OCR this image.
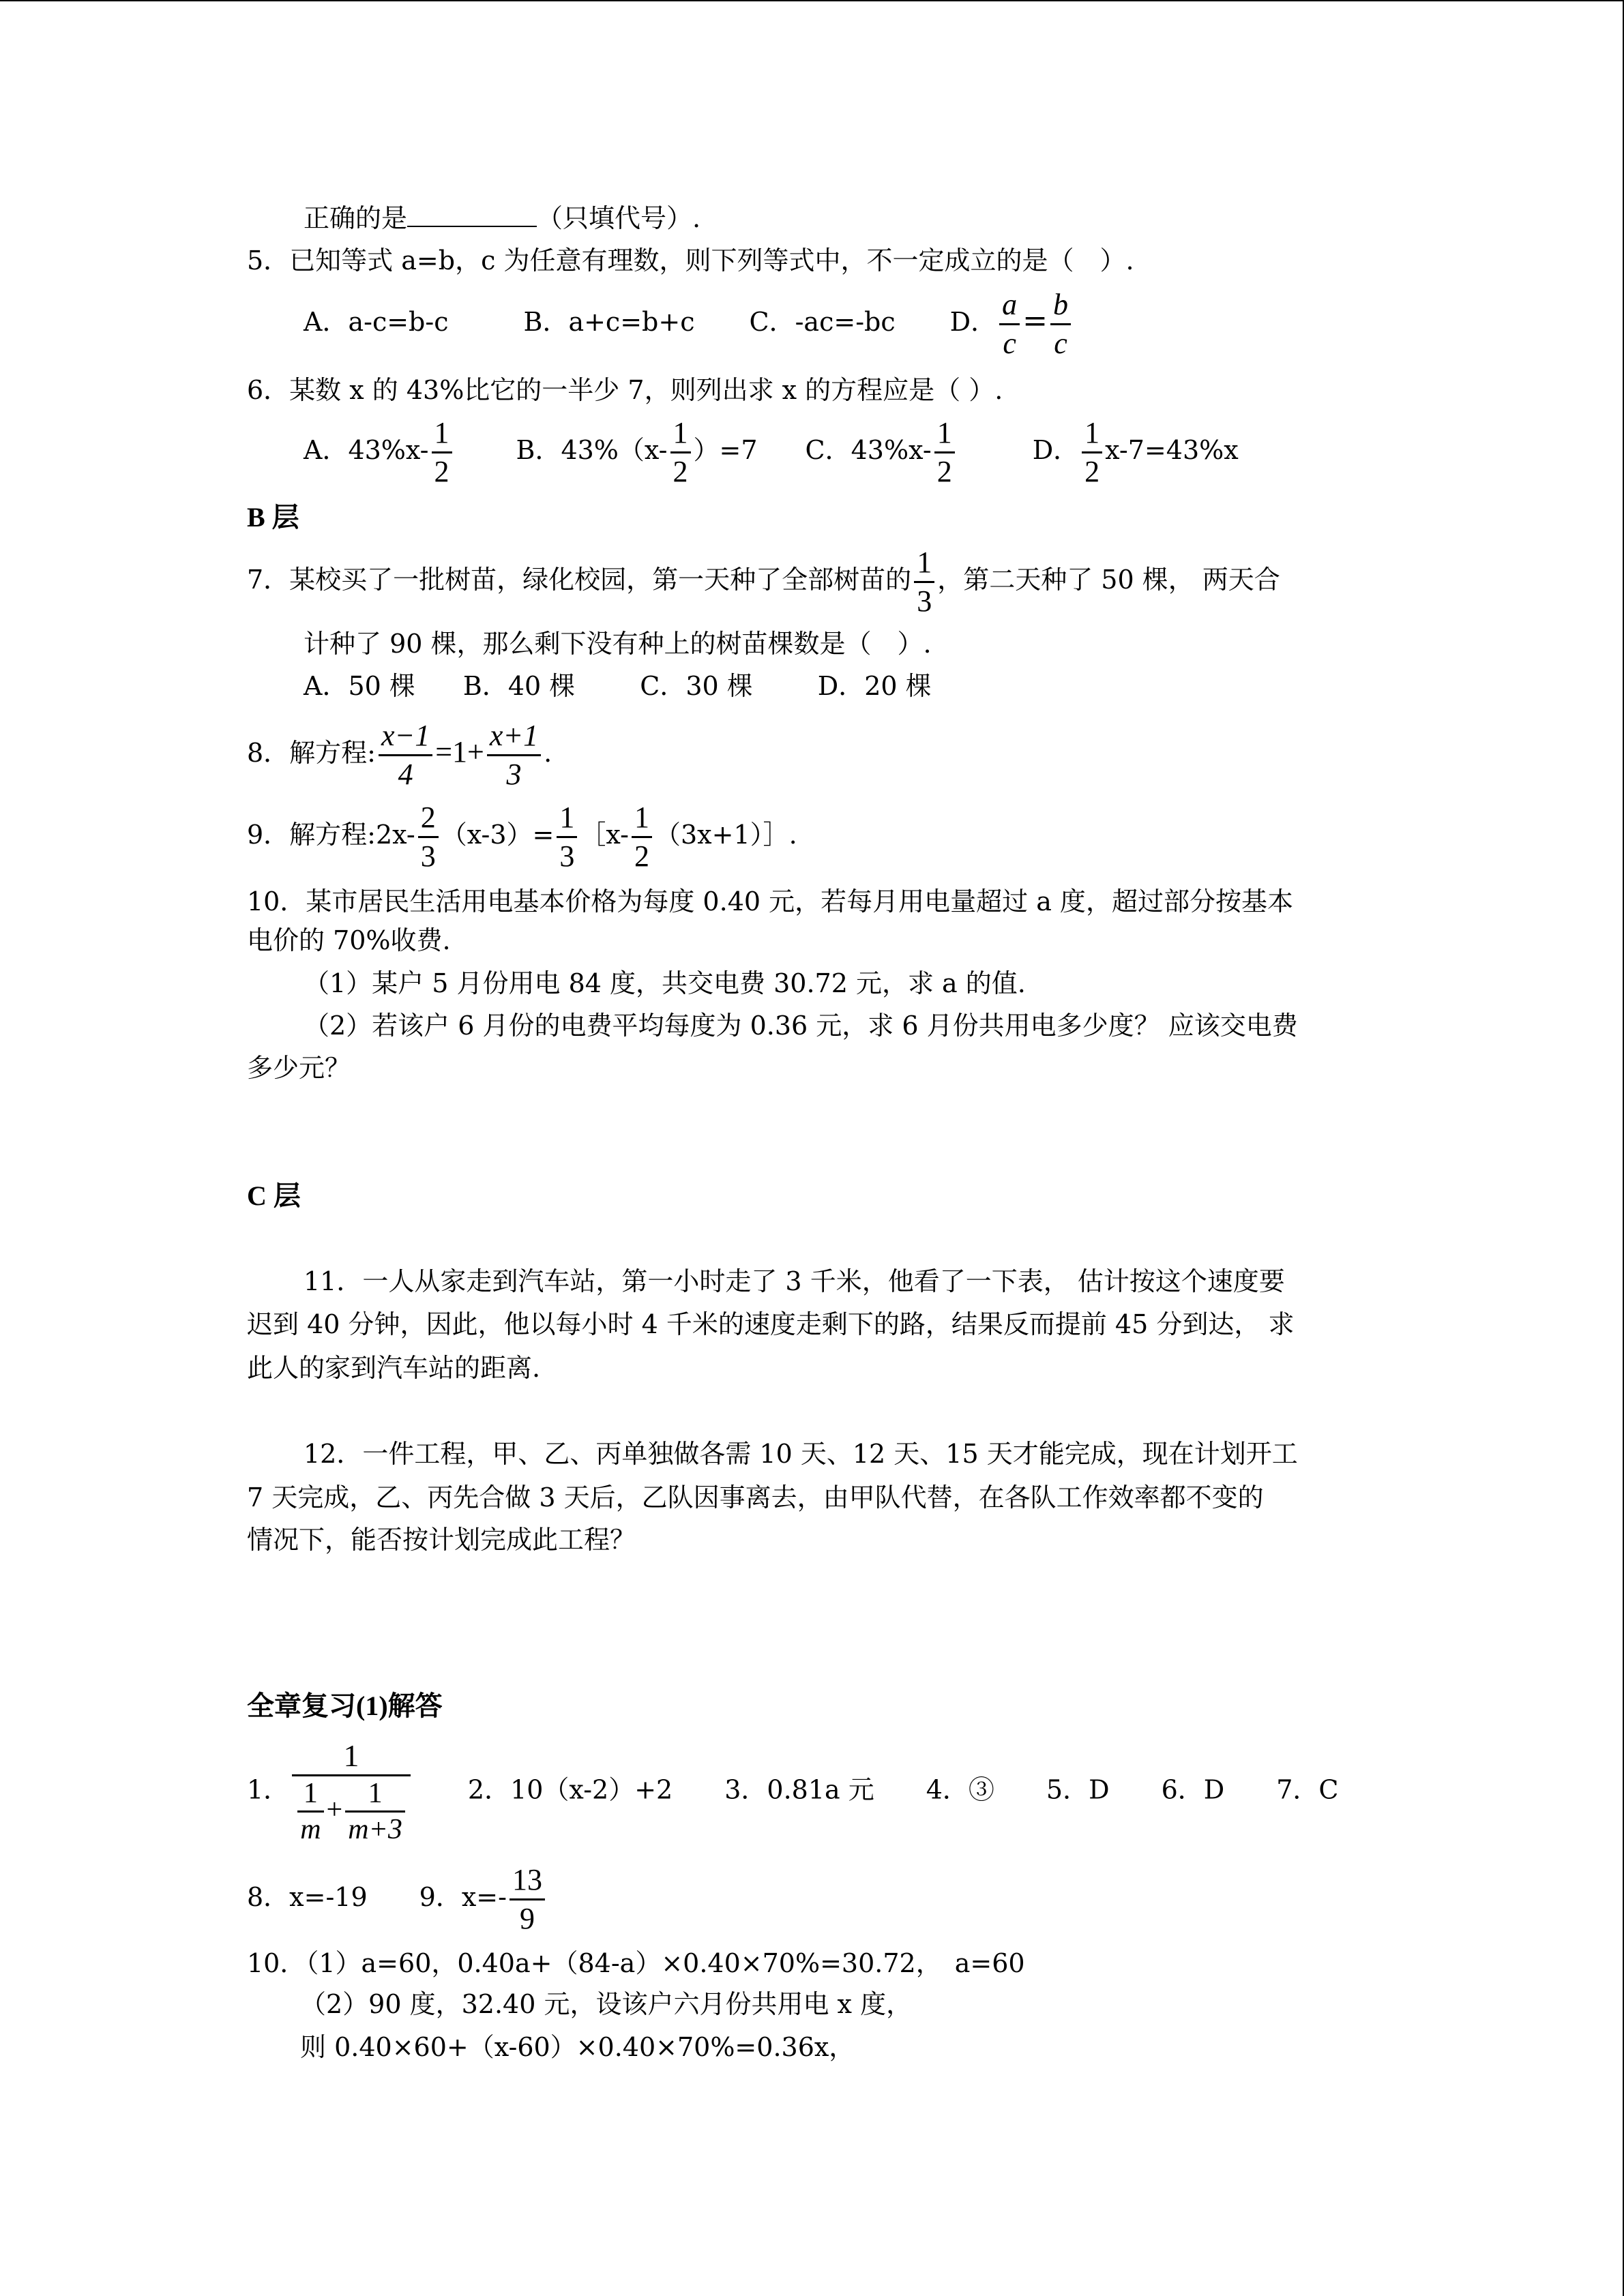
正确的是	（只填代号）.
5．已知等式 a=b，c 为任意有理数，则下列等式中，不一定成立的是（　）.
A．a-c=b-c	B．a+c=b+c C．-ac=-bc D． $\frac{a}{c} = \frac{b}{c}$
6．某数 x 的 43%比它的一半少 7，则列出求 x 的方程应是（ ）.
A．$43\%x- \frac{1}{2}$ B．$43\%(x- \frac{1}{2} )=7$ C．$43\%x- \frac{1}{2}$	D． $\frac{1}{2} x-7=43\%x$
B 层
7．某校买了一批树苗，绿化校园，第一天种了全部树苗的 $\frac{1}{3}$ ，第二天种了 50 棵， 两天合
计种了 90 棵，那么剩下没有种上的树苗棵数是（　）.
A．50 棵 B．40 棵	C．30 棵	D．20 棵
8．解方程: $\frac{x-1}{4} =1+ \frac{x+1}{3}$ .
9．解方程:2x- $\frac{2}{3} (x-3)= \frac{1}{3}$ ［x- $\frac{1}{2}$ （3x+1）］.
10．某市居民生活用电基本价格为每度 0.40 元，若每月用电量超过 a 度，超过部分按基本
电价的 70%收费.
（1）某户 5 月份用电 84 度，共交电费 30.72 元，求 a 的值.
（2）若该户 6 月份的电费平均每度为 0.36 元，求 6 月份共用电多少度？ 应该交电费
多少元？
C 层
11．一人从家走到汽车站，第一小时走了 3 千米，他看了一下表， 估计按这个速度要
迟到 40 分钟，因此，他以每小时 4 千米的速度走剩下的路，结果反而提前 45 分到达， 求
此人的家到汽车站的距离.
12．一件工程，甲、乙、丙单独做各需 10 天、12 天、15 天才能完成，现在计划开工
7 天完成，乙、丙先合做 3 天后，乙队因事离去，由甲队代替，在各队工作效率都不变的
情况下，能否按计划完成此工程？
全章复习(1)解答
1． $\frac{1}{\frac{1}{m} + \frac{1}{m+3}} 2$．10（x-2）+2　　3．0.81a 元　　4．③　　5．D　　6．D　　7．C
8．x=-19　　9．$x=- \frac{13}{9}$
10．（1）a=60，0.40a+（84-a）×0.40×70%=30.72，　a=60
（2）90 度，32.40 元，设该户六月份共用电 x 度，
则 0.40×60+（x-60）×0.40×70%=0.36x，
